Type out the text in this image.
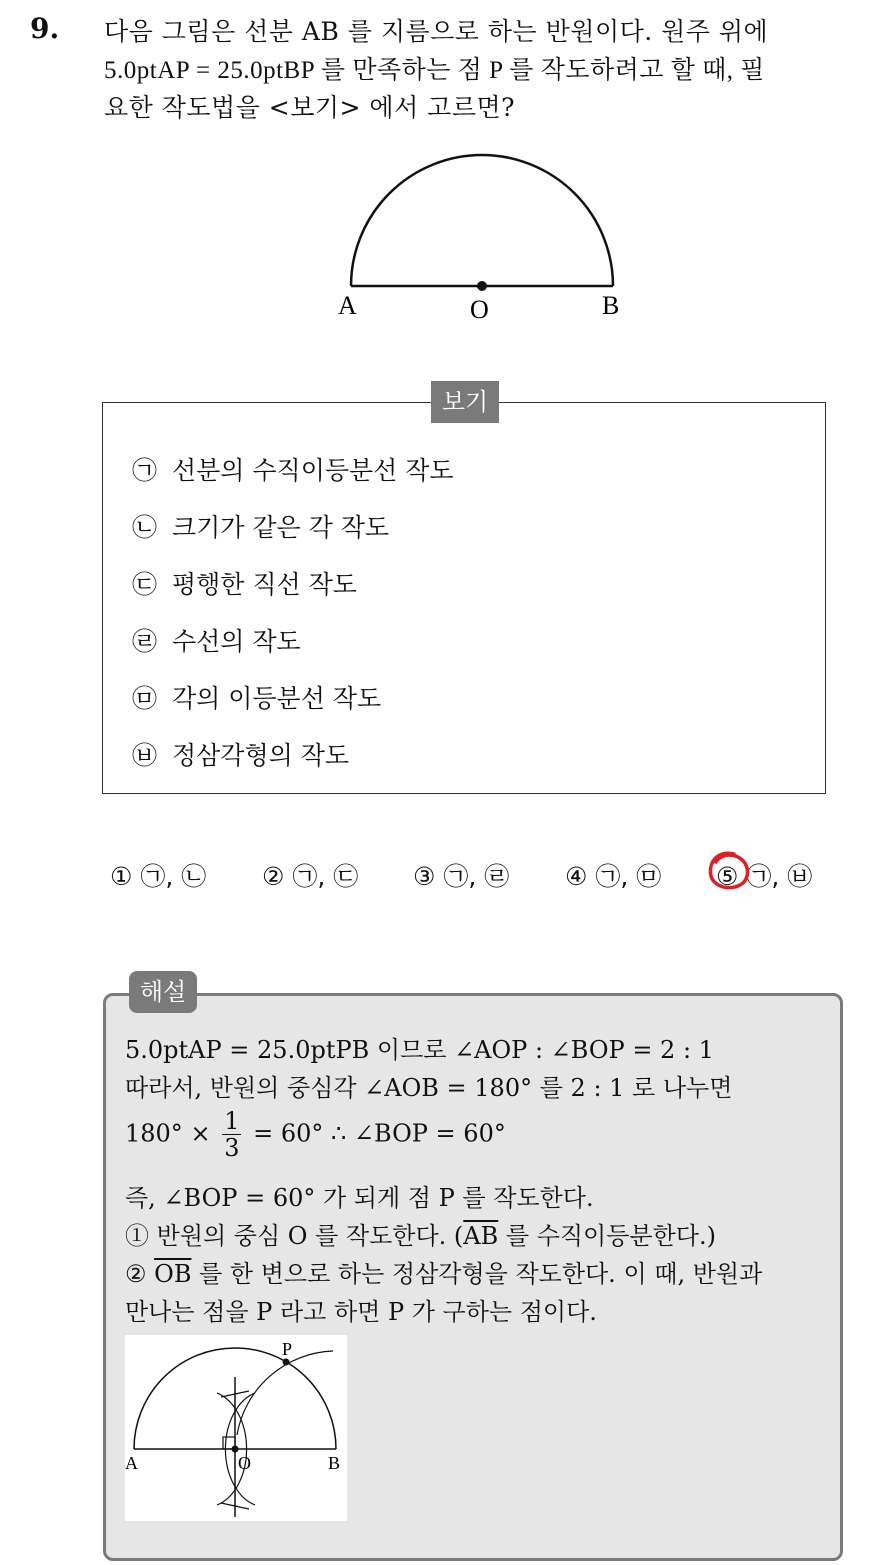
9. 다음 그림은 선분 AB 를 지름으로 하는 반원이다. 원주 위에
5.0ptAP = 25.0ptBP 를 만족하는 점 P 를 작도하려고 할 때, 필
요한 작도법을 <보기> 에서 고르면?
A	O	B
보기
㉠ 선분의 수직이등분선 작도
㉡ 크기가 같은 각 작도
㉢ 평행한 직선 작도
㉣ 수선의 작도
㉤ 각의 이등분선 작도
㉥ 정삼각형의 작도
① ㉠, ㉡ ② ㉠, ㉢ ③ ㉠, ㉣ ④ ㉠, ㉤ ⑤ ㉠, ㉥
해설
5.0ptAP = 25.0ptPB 이므로 ∠AOP : ∠BOP = 2 : 1
따라서, 반원의 중심각 ∠AOB = 180° 를 2 : 1 로 나누면
$180^\circ \times \frac{1}{3} = 60^\circ$ ∴ ∠BOP = 60°
즉, ∠BOP = 60° 가 되게 점 P 를 작도한다.
① 반원의 중심 O 를 작도한다. ($\overline{AB}$ 를 수직이등분한다.)
② $\overline{OB}$ 를 한 변으로 하는 정삼각형을 작도한다. 이 때, 반원과
만나는 점을 P 라고 하면 P 가 구하는 점이다.
P
A	O	B
